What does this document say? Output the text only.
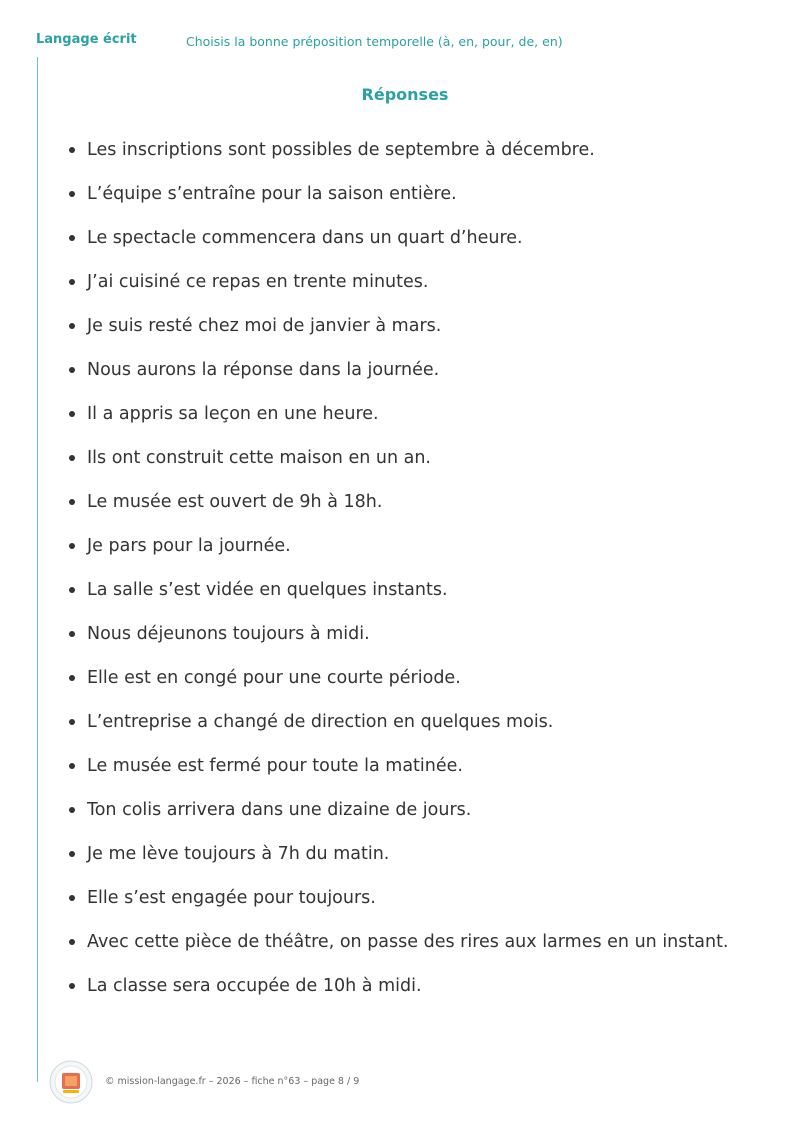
Langage écrit	Choisis la bonne préposition temporelle (à, en, pour, de, en)
Réponses
Les inscriptions sont possibles de septembre à décembre.
L’équipe s’entraîne pour la saison entière.
Le spectacle commencera dans un quart d’heure.
J’ai cuisiné ce repas en trente minutes.
Je suis resté chez moi de janvier à mars.
Nous aurons la réponse dans la journée.
Il a appris sa leçon en une heure.
Ils ont construit cette maison en un an.
Le musée est ouvert de 9h à 18h.
Je pars pour la journée.
La salle s’est vidée en quelques instants.
Nous déjeunons toujours à midi.
Elle est en congé pour une courte période.
L’entreprise a changé de direction en quelques mois.
Le musée est fermé pour toute la matinée.
Ton colis arrivera dans une dizaine de jours.
Je me lève toujours à 7h du matin.
Elle s’est engagée pour toujours.
Avec cette pièce de théâtre, on passe des rires aux larmes en un instant.
La classe sera occupée de 10h à midi.
© mission-langage.fr – 2026 – fiche n°63 – page 8 / 9
